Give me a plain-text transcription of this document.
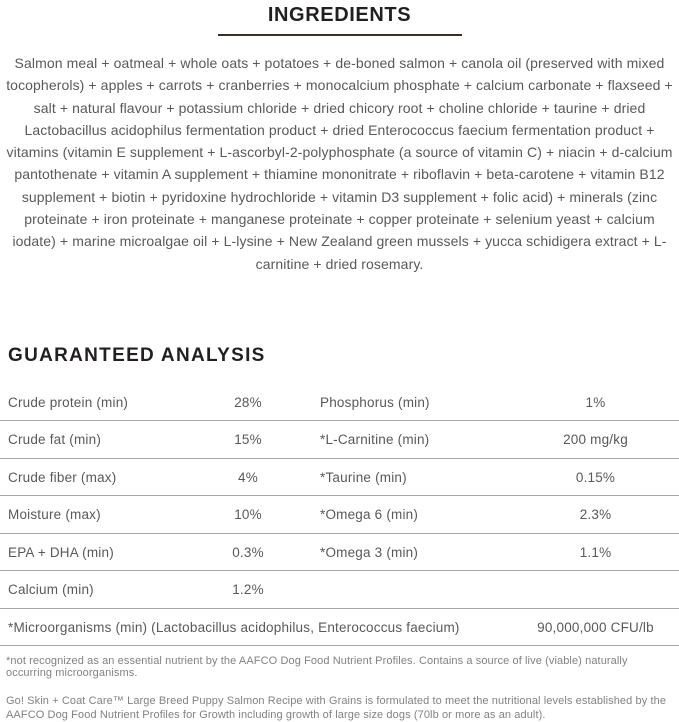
INGREDIENTS
Salmon meal + oatmeal + whole oats + potatoes + de-boned salmon + canola oil (preserved with mixed tocopherols) + apples + carrots + cranberries + monocalcium phosphate + calcium carbonate + flaxseed + salt + natural flavour + potassium chloride + dried chicory root + choline chloride + taurine + dried Lactobacillus acidophilus fermentation product + dried Enterococcus faecium fermentation product + vitamins (vitamin E supplement + L-ascorbyl-2-polyphosphate (a source of vitamin C) + niacin + d-calcium pantothenate + vitamin A supplement + thiamine mononitrate + riboflavin + beta-carotene + vitamin B12 supplement + biotin + pyridoxine hydrochloride + vitamin D3 supplement + folic acid) + minerals (zinc proteinate + iron proteinate + manganese proteinate + copper proteinate + selenium yeast + calcium iodate) + marine microalgae oil + L-lysine + New Zealand green mussels + yucca schidigera extract + L-carnitine + dried rosemary.
GUARANTEED ANALYSIS
Crude protein (min)	28%	Phosphorus (min)	1%
Crude fat (min)	15%	*L-Carnitine (min)	200 mg/kg
Crude fiber (max)	4%	*Taurine (min)	0.15%
Moisture (max)	10%	*Omega 6 (min)	2.3%
EPA + DHA (min)	0.3%	*Omega 3 (min)	1.1%
Calcium (min)	1.2%
*Microorganisms (min) (Lactobacillus acidophilus, Enterococcus faecium)	90,000,000 CFU/lb
*not recognized as an essential nutrient by the AAFCO Dog Food Nutrient Profiles. Contains a source of live (viable) naturally occurring microorganisms.
Go! Skin + Coat Care™ Large Breed Puppy Salmon Recipe with Grains is formulated to meet the nutritional levels established by the AAFCO Dog Food Nutrient Profiles for Growth including growth of large size dogs (70lb or more as an adult).
